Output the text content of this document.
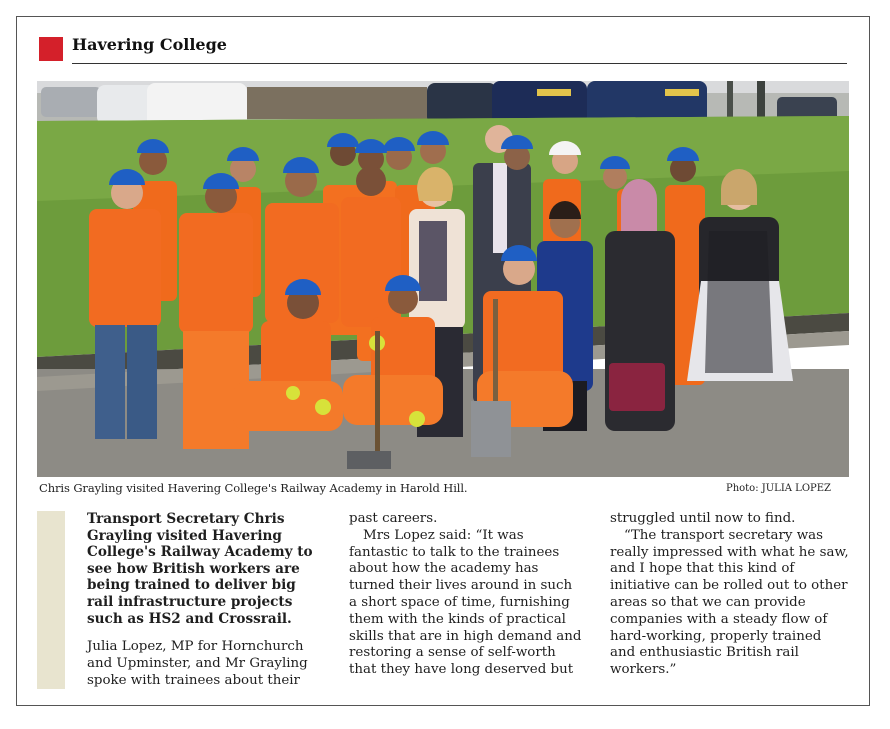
Havering College
Chris Grayling visited Havering College's Railway Academy in Harold Hill.	Photo: JULIA LOPEZ

Transport Secretary Chris Grayling visited Havering College's Railway Academy to see how British workers are being trained to deliver big rail infrastructure projects such as HS2 and Crossrail.

Julia Lopez, MP for Hornchurch and Upminster, and Mr Grayling spoke with trainees about their

past careers.

Mrs Lopez said: “It was fantastic to talk to the trainees about how the academy has turned their lives around in such a short space of time, furnishing them with the kinds of practical skills that are in high demand and restoring a sense of self-worth that they have long deserved but

struggled until now to find.

“The transport secretary was really impressed with what he saw, and I hope that this kind of initiative can be rolled out to other areas so that we can provide companies with a steady flow of hard-working, properly trained and enthusiastic British rail workers.”
